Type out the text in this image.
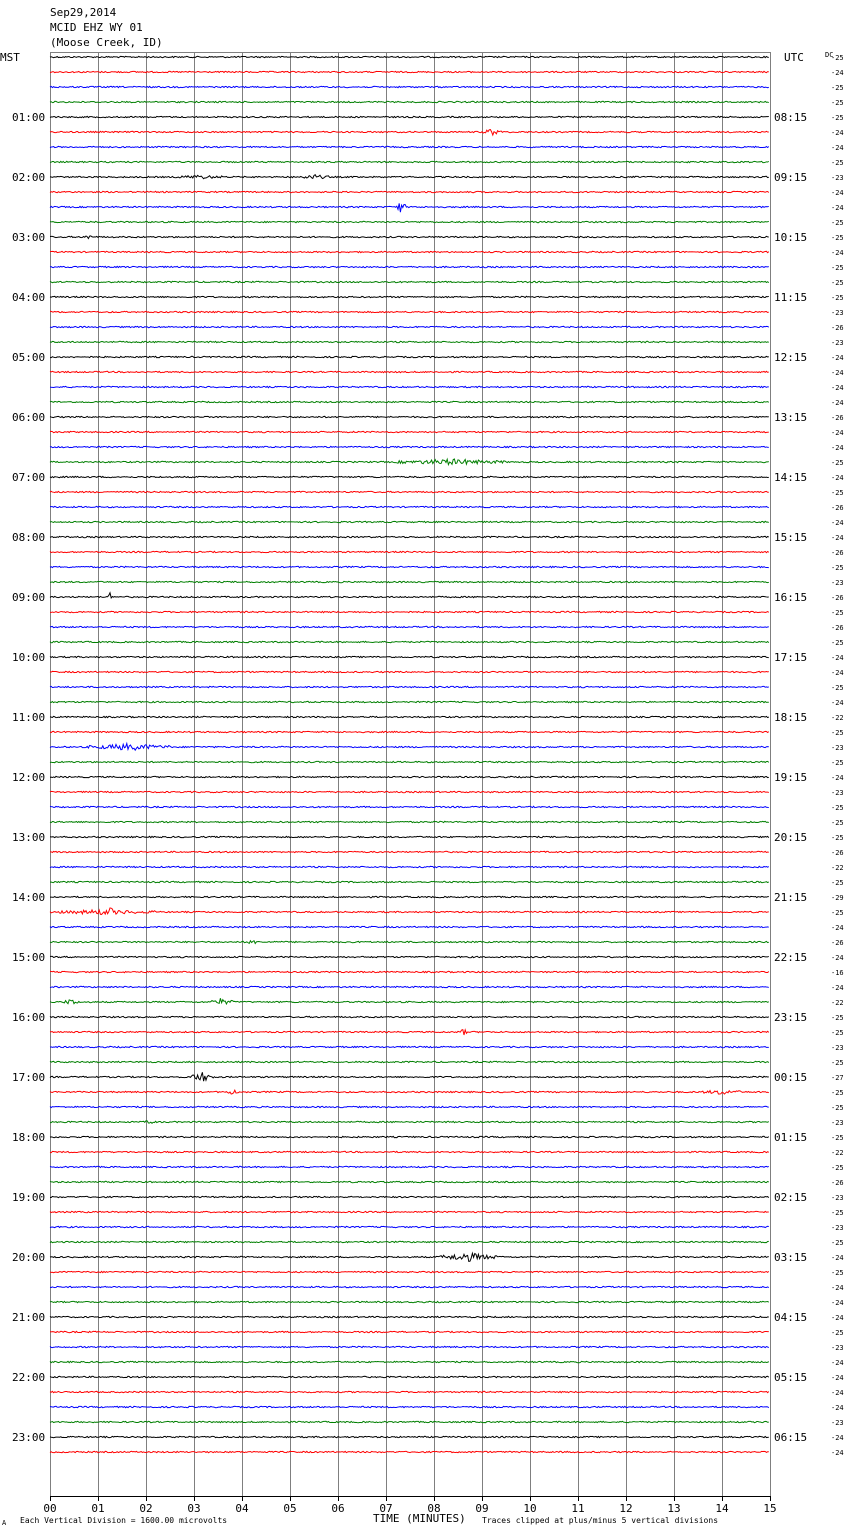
Sep29,2014
MCID EHZ WY 01
(Moose Creek, ID)
MST	UTC	DC
01:00
02:00
03:00
04:00
05:00
06:00
07:00
08:00
09:00
10:00
11:00
12:00
13:00
14:00
15:00
16:00
17:00
18:00
19:00
20:00
21:00
22:00
23:00
08:15
09:15
10:15
11:15
12:15
13:15
14:15
15:15
16:15
17:15
18:15
19:15
20:15
21:15
22:15
23:15
00:15
01:15
02:15
03:15
04:15
05:15
06:15
-25
-24
-25
-25
-25
-24
-24
-25
-23
-24
-24
-25
-25
-24
-25
-25
-25
-23
-26
-23
-24
-24
-24
-24
-26
-24
-24
-25
-24
-25
-26
-24
-24
-26
-25
-23
-26
-25
-26
-25
-24
-24
-25
-24
-22
-25
-23
-25
-24
-23
-25
-25
-25
-26
-22
-25
-29
-25
-24
-26
-24
-16
-24
-22
-25
-25
-23
-25
-27
-25
-25
-23
-25
-22
-25
-26
-23
-25
-23
-25
-24
-25
-24
-24
-24
-25
-23
-24
-24
-24
-24
-23
-24
-24
00	01	02	03	04	05	06	07	08	09	10	11	12	13	14	15
A Each Vertical Division = 1600.00 microvolts	TIME (MINUTES) Traces clipped at plus/minus 5 vertical divisions
